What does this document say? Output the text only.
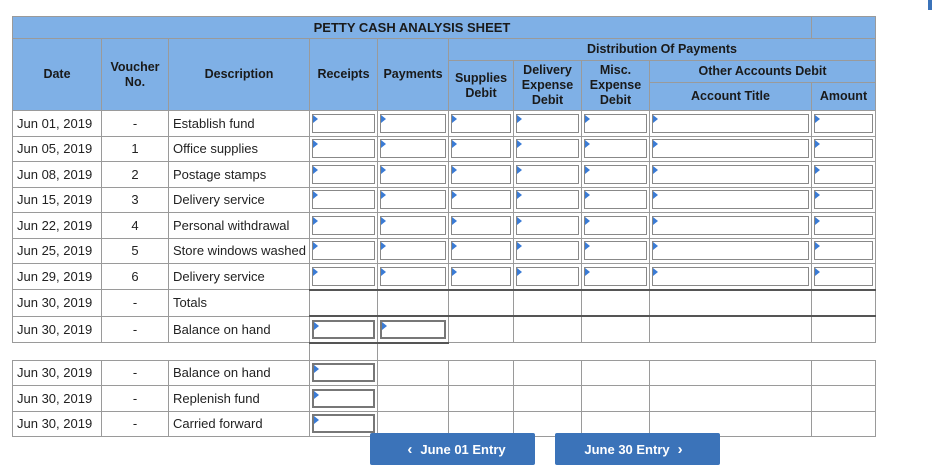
PETTY CASH ANALYSIS SHEET									
Date	Voucher No.	Description	Receipts	Payments	Distribution Of Payments				
					Supplies Debit	Delivery Expense Debit	Misc. Expense Debit	Other Accounts Debit	
								Account Title	Amount
Jun 01, 2019	-	Establish fund	

Jun 05, 2019	1	Office supplies	

Jun 08, 2019	2	Postage stamps	

Jun 15, 2019	3	Delivery service	

Jun 22, 2019	4	Personal withdrawal	

Jun 25, 2019	5	Store windows washed	

Jun 29, 2019	6	Delivery service	

Jun 30, 2019	-	Totals							
Jun 30, 2019	-	Balance on hand	

Jun 30, 2019	-	Balance on hand	

Jun 30, 2019	-	Replenish fund	

Jun 30, 2019	-	Carried forward	

‹ June 01 Entry	June 30 Entry ›
